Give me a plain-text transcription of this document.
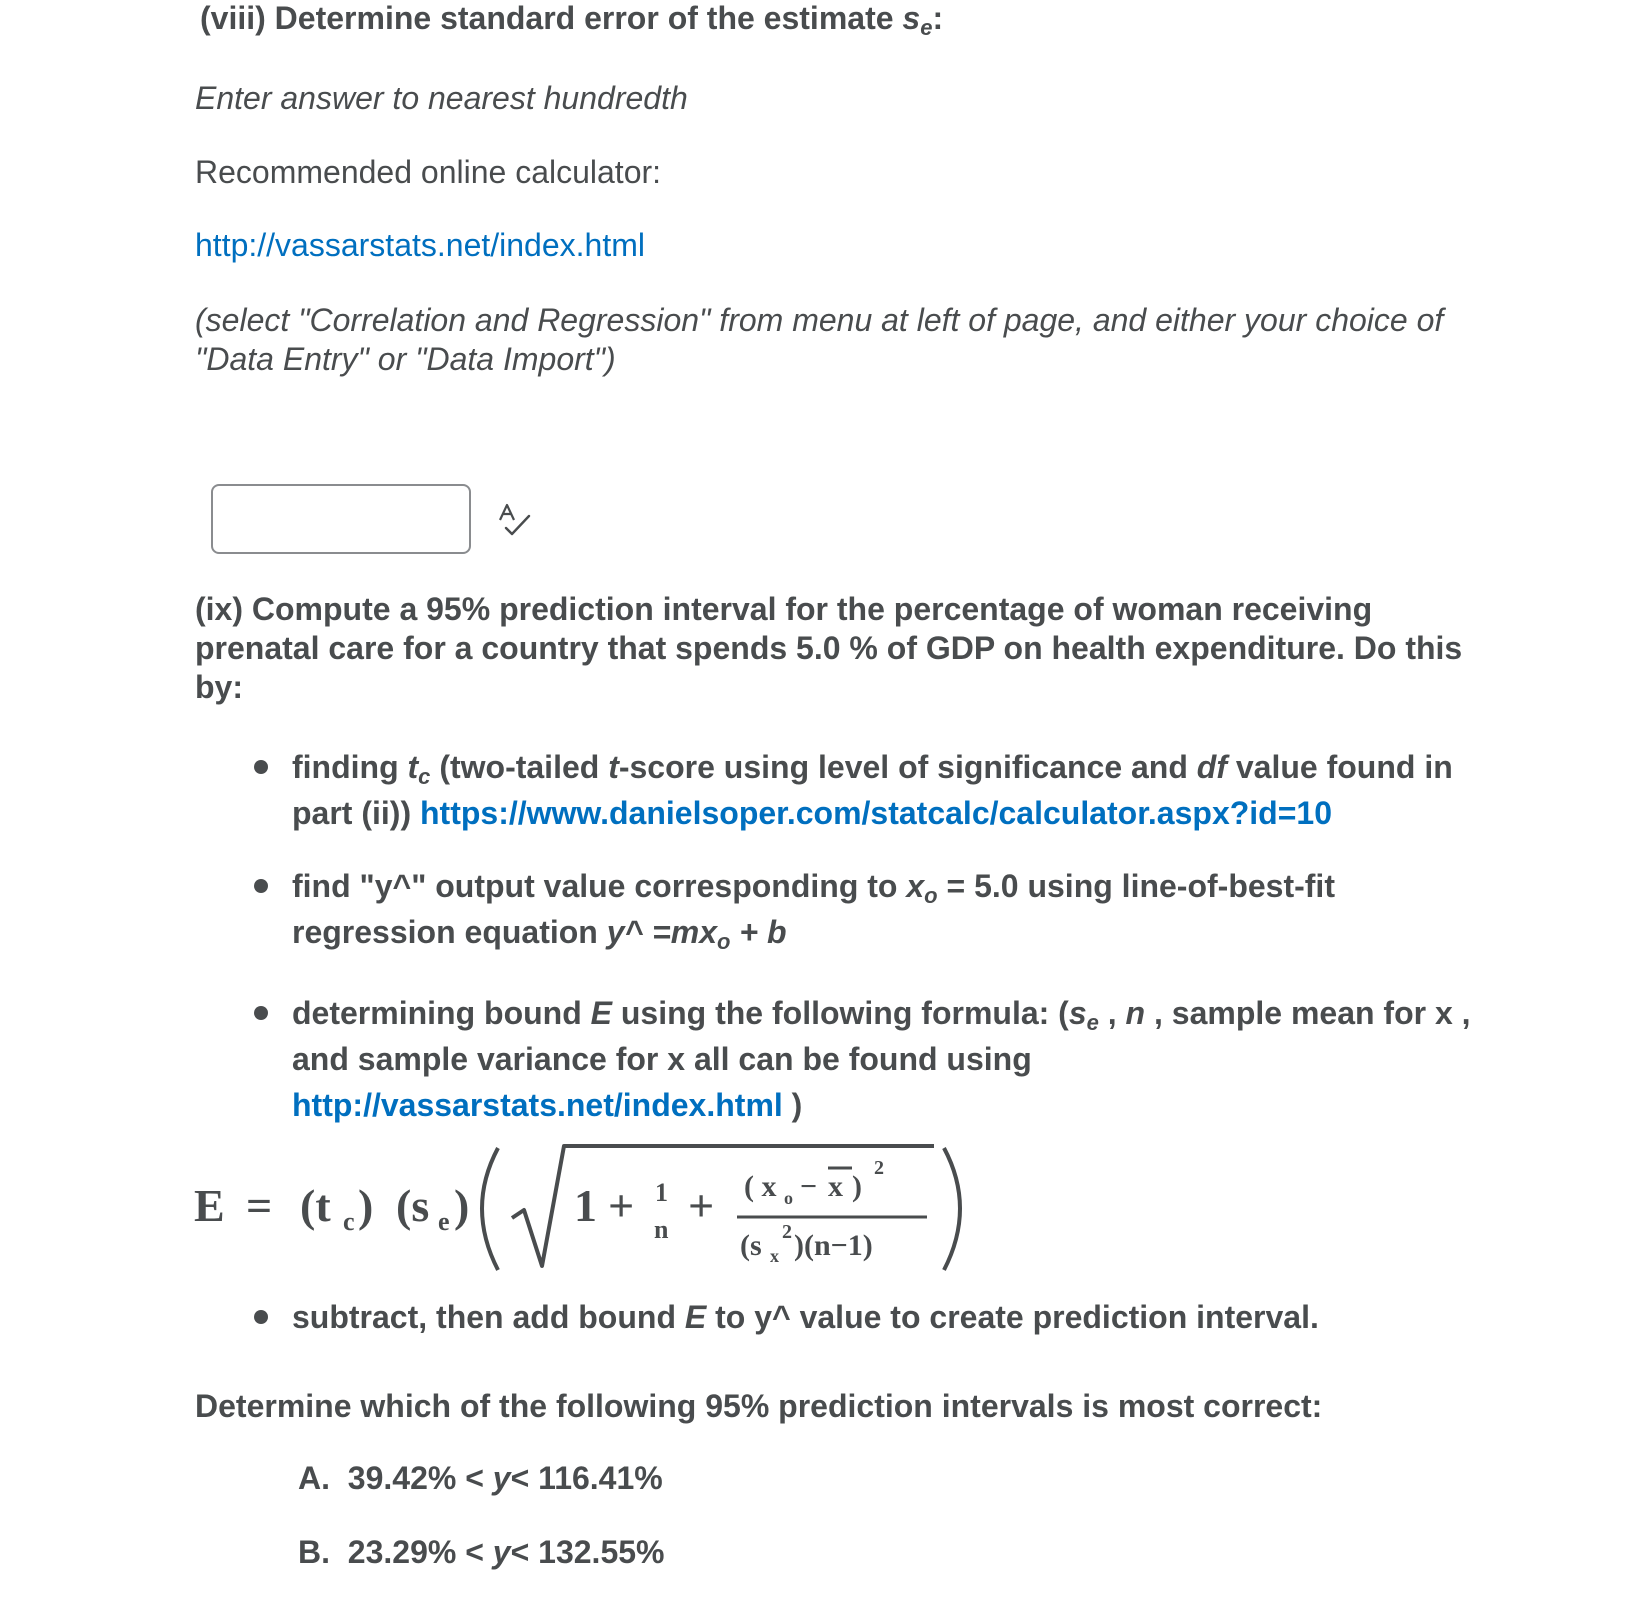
(viii) Determine standard error of the estimate $s_e$:
Enter answer to nearest hundredth
Recommended online calculator:
http://vassarstats.net/index.html
(select "Correlation and Regression" from menu at left of page, and either your choice of "Data Entry" or "Data Import")
(ix) Compute a 95% prediction interval for the percentage of woman receiving prenatal care for a country that spends 5.0 % of GDP on health expenditure. Do this by:
finding $t_c$ (two-tailed t-score using level of significance and df value found in part (ii)) https://www.danielsoper.com/statcalc/calculator.aspx?id=10
find "y^" output value corresponding to $x_o = 5.0$ using line-of-best-fit regression equation y^ $=mx_o + b$
determining bound E using the following formula: ($s_e$ , n , sample mean for x , and sample variance for x all can be found using http://vassarstats.net/index.html )
E = (t c ) (s e ) 1 + 1
n + ( x o − x )
2
(s x
2 )(n−1)
subtract, then add bound E to y^ value to create prediction interval.
Determine which of the following 95% prediction intervals is most correct:
A. 39.42% < y< 116.41%
B. 23.29% < y< 132.55%
